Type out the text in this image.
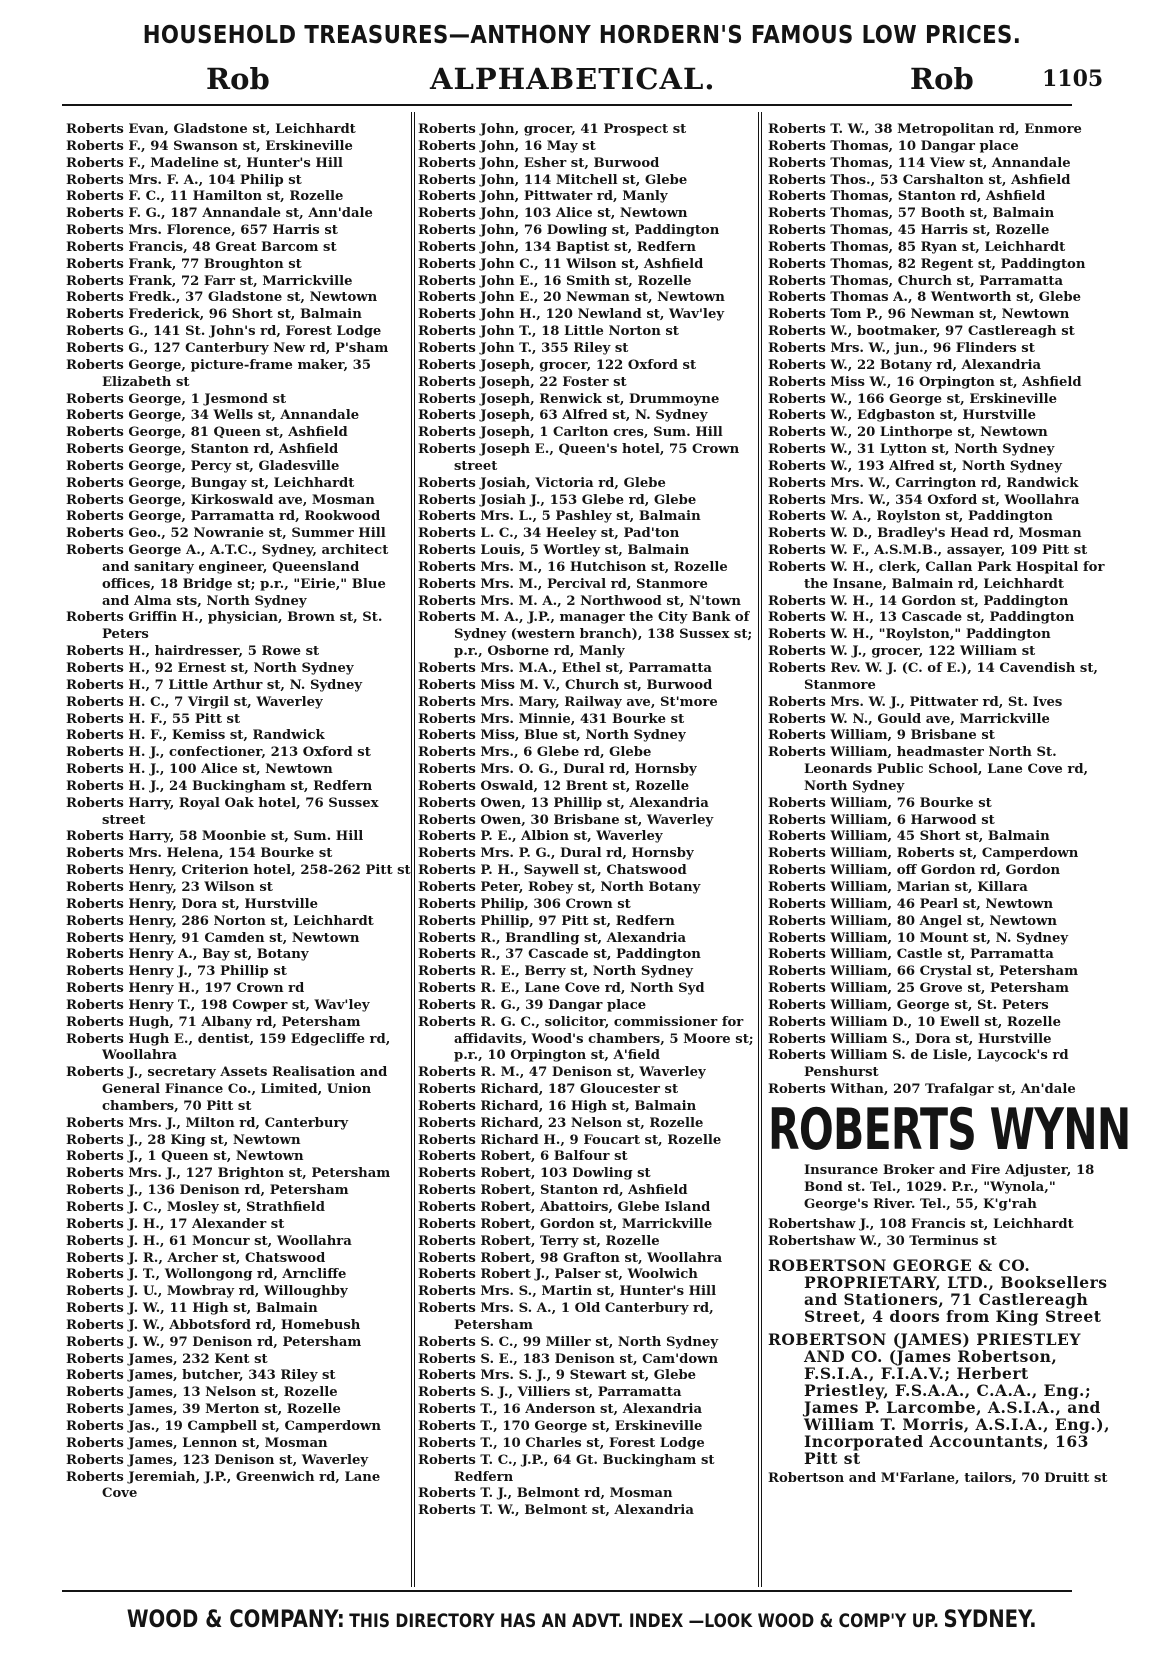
HOUSEHOLD TREASURES—ANTHONY HORDERN'S FAMOUS LOW PRICES.
Rob	ALPHABETICAL.	Rob	1105
Roberts Evan, Gladstone st, Leichhardt
Roberts F., 94 Swanson st, Erskineville
Roberts F., Madeline st, Hunter's Hill
Roberts Mrs. F. A., 104 Philip st
Roberts F. C., 11 Hamilton st, Rozelle
Roberts F. G., 187 Annandale st, Ann'dale
Roberts Mrs. Florence, 657 Harris st
Roberts Francis, 48 Great Barcom st
Roberts Frank, 77 Broughton st
Roberts Frank, 72 Farr st, Marrickville
Roberts Fredk., 37 Gladstone st, Newtown
Roberts Frederick, 96 Short st, Balmain
Roberts G., 141 St. John's rd, Forest Lodge
Roberts G., 127 Canterbury New rd, P'sham
Roberts George, picture-frame maker, 35 Elizabeth st
Roberts George, 1 Jesmond st
Roberts George, 34 Wells st, Annandale
Roberts George, 81 Queen st, Ashfield
Roberts George, Stanton rd, Ashfield
Roberts George, Percy st, Gladesville
Roberts George, Bungay st, Leichhardt
Roberts George, Kirkoswald ave, Mosman
Roberts George, Parramatta rd, Rookwood
Roberts Geo., 52 Nowranie st, Summer Hill
Roberts George A., A.T.C., Sydney, architect and sanitary engineer, Queensland offices, 18 Bridge st; p.r., "Eirie," Blue and Alma sts, North Sydney
Roberts Griffin H., physician, Brown st, St. Peters
Roberts H., hairdresser, 5 Rowe st
Roberts H., 92 Ernest st, North Sydney
Roberts H., 7 Little Arthur st, N. Sydney
Roberts H. C., 7 Virgil st, Waverley
Roberts H. F., 55 Pitt st
Roberts H. F., Kemiss st, Randwick
Roberts H. J., confectioner, 213 Oxford st
Roberts H. J., 100 Alice st, Newtown
Roberts H. J., 24 Buckingham st, Redfern
Roberts Harry, Royal Oak hotel, 76 Sussex street
Roberts Harry, 58 Moonbie st, Sum. Hill
Roberts Mrs. Helena, 154 Bourke st
Roberts Henry, Criterion hotel, 258-262 Pitt st
Roberts Henry, 23 Wilson st
Roberts Henry, Dora st, Hurstville
Roberts Henry, 286 Norton st, Leichhardt
Roberts Henry, 91 Camden st, Newtown
Roberts Henry A., Bay st, Botany
Roberts Henry J., 73 Phillip st
Roberts Henry H., 197 Crown rd
Roberts Henry T., 198 Cowper st, Wav'ley
Roberts Hugh, 71 Albany rd, Petersham
Roberts Hugh E., dentist, 159 Edgecliffe rd, Woollahra
Roberts J., secretary Assets Realisation and General Finance Co., Limited, Union chambers, 70 Pitt st
Roberts Mrs. J., Milton rd, Canterbury
Roberts J., 28 King st, Newtown
Roberts J., 1 Queen st, Newtown
Roberts Mrs. J., 127 Brighton st, Petersham
Roberts J., 136 Denison rd, Petersham
Roberts J. C., Mosley st, Strathfield
Roberts J. H., 17 Alexander st
Roberts J. H., 61 Moncur st, Woollahra
Roberts J. R., Archer st, Chatswood
Roberts J. T., Wollongong rd, Arncliffe
Roberts J. U., Mowbray rd, Willoughby
Roberts J. W., 11 High st, Balmain
Roberts J. W., Abbotsford rd, Homebush
Roberts J. W., 97 Denison rd, Petersham
Roberts James, 232 Kent st
Roberts James, butcher, 343 Riley st
Roberts James, 13 Nelson st, Rozelle
Roberts James, 39 Merton st, Rozelle
Roberts Jas., 19 Campbell st, Camperdown
Roberts James, Lennon st, Mosman
Roberts James, 123 Denison st, Waverley
Roberts Jeremiah, J.P., Greenwich rd, Lane Cove
Roberts John, grocer, 41 Prospect st
Roberts John, 16 May st
Roberts John, Esher st, Burwood
Roberts John, 114 Mitchell st, Glebe
Roberts John, Pittwater rd, Manly
Roberts John, 103 Alice st, Newtown
Roberts John, 76 Dowling st, Paddington
Roberts John, 134 Baptist st, Redfern
Roberts John C., 11 Wilson st, Ashfield
Roberts John E., 16 Smith st, Rozelle
Roberts John E., 20 Newman st, Newtown
Roberts John H., 120 Newland st, Wav'ley
Roberts John T., 18 Little Norton st
Roberts John T., 355 Riley st
Roberts Joseph, grocer, 122 Oxford st
Roberts Joseph, 22 Foster st
Roberts Joseph, Renwick st, Drummoyne
Roberts Joseph, 63 Alfred st, N. Sydney
Roberts Joseph, 1 Carlton cres, Sum. Hill
Roberts Joseph E., Queen's hotel, 75 Crown street
Roberts Josiah, Victoria rd, Glebe
Roberts Josiah J., 153 Glebe rd, Glebe
Roberts Mrs. L., 5 Pashley st, Balmain
Roberts L. C., 34 Heeley st, Pad'ton
Roberts Louis, 5 Wortley st, Balmain
Roberts Mrs. M., 16 Hutchison st, Rozelle
Roberts Mrs. M., Percival rd, Stanmore
Roberts Mrs. M. A., 2 Northwood st, N'town
Roberts M. A., J.P., manager the City Bank of Sydney (western branch), 138 Sussex st; p.r., Osborne rd, Manly
Roberts Mrs. M.A., Ethel st, Parramatta
Roberts Miss M. V., Church st, Burwood
Roberts Mrs. Mary, Railway ave, St'more
Roberts Mrs. Minnie, 431 Bourke st
Roberts Miss, Blue st, North Sydney
Roberts Mrs., 6 Glebe rd, Glebe
Roberts Mrs. O. G., Dural rd, Hornsby
Roberts Oswald, 12 Brent st, Rozelle
Roberts Owen, 13 Phillip st, Alexandria
Roberts Owen, 30 Brisbane st, Waverley
Roberts P. E., Albion st, Waverley
Roberts Mrs. P. G., Dural rd, Hornsby
Roberts P. H., Saywell st, Chatswood
Roberts Peter, Robey st, North Botany
Roberts Philip, 306 Crown st
Roberts Phillip, 97 Pitt st, Redfern
Roberts R., Brandling st, Alexandria
Roberts R., 37 Cascade st, Paddington
Roberts R. E., Berry st, North Sydney
Roberts R. E., Lane Cove rd, North Syd
Roberts R. G., 39 Dangar place
Roberts R. G. C., solicitor, commissioner for affidavits, Wood's chambers, 5 Moore st; p.r., 10 Orpington st, A'field
Roberts R. M., 47 Denison st, Waverley
Roberts Richard, 187 Gloucester st
Roberts Richard, 16 High st, Balmain
Roberts Richard, 23 Nelson st, Rozelle
Roberts Richard H., 9 Foucart st, Rozelle
Roberts Robert, 6 Balfour st
Roberts Robert, 103 Dowling st
Roberts Robert, Stanton rd, Ashfield
Roberts Robert, Abattoirs, Glebe Island
Roberts Robert, Gordon st, Marrickville
Roberts Robert, Terry st, Rozelle
Roberts Robert, 98 Grafton st, Woollahra
Roberts Robert J., Palser st, Woolwich
Roberts Mrs. S., Martin st, Hunter's Hill
Roberts Mrs. S. A., 1 Old Canterbury rd, Petersham
Roberts S. C., 99 Miller st, North Sydney
Roberts S. E., 183 Denison st, Cam'down
Roberts Mrs. S. J., 9 Stewart st, Glebe
Roberts S. J., Villiers st, Parramatta
Roberts T., 16 Anderson st, Alexandria
Roberts T., 170 George st, Erskineville
Roberts T., 10 Charles st, Forest Lodge
Roberts T. C., J.P., 64 Gt. Buckingham st Redfern
Roberts T. J., Belmont rd, Mosman
Roberts T. W., Belmont st, Alexandria
Roberts T. W., 38 Metropolitan rd, Enmore
Roberts Thomas, 10 Dangar place
Roberts Thomas, 114 View st, Annandale
Roberts Thos., 53 Carshalton st, Ashfield
Roberts Thomas, Stanton rd, Ashfield
Roberts Thomas, 57 Booth st, Balmain
Roberts Thomas, 45 Harris st, Rozelle
Roberts Thomas, 85 Ryan st, Leichhardt
Roberts Thomas, 82 Regent st, Paddington
Roberts Thomas, Church st, Parramatta
Roberts Thomas A., 8 Wentworth st, Glebe
Roberts Tom P., 96 Newman st, Newtown
Roberts W., bootmaker, 97 Castlereagh st
Roberts Mrs. W., jun., 96 Flinders st
Roberts W., 22 Botany rd, Alexandria
Roberts Miss W., 16 Orpington st, Ashfield
Roberts W., 166 George st, Erskineville
Roberts W., Edgbaston st, Hurstville
Roberts W., 20 Linthorpe st, Newtown
Roberts W., 31 Lytton st, North Sydney
Roberts W., 193 Alfred st, North Sydney
Roberts Mrs. W., Carrington rd, Randwick
Roberts Mrs. W., 354 Oxford st, Woollahra
Roberts W. A., Roylston st, Paddington
Roberts W. D., Bradley's Head rd, Mosman
Roberts W. F., A.S.M.B., assayer, 109 Pitt st
Roberts W. H., clerk, Callan Park Hospital for the Insane, Balmain rd, Leichhardt
Roberts W. H., 14 Gordon st, Paddington
Roberts W. H., 13 Cascade st, Paddington
Roberts W. H., "Roylston," Paddington
Roberts W. J., grocer, 122 William st
Roberts Rev. W. J. (C. of E.), 14 Cavendish st, Stanmore
Roberts Mrs. W. J., Pittwater rd, St. Ives
Roberts W. N., Gould ave, Marrickville
Roberts William, 9 Brisbane st
Roberts William, headmaster North St. Leonards Public School, Lane Cove rd, North Sydney
Roberts William, 76 Bourke st
Roberts William, 6 Harwood st
Roberts William, 45 Short st, Balmain
Roberts William, Roberts st, Camperdown
Roberts William, off Gordon rd, Gordon
Roberts William, Marian st, Killara
Roberts William, 46 Pearl st, Newtown
Roberts William, 80 Angel st, Newtown
Roberts William, 10 Mount st, N. Sydney
Roberts William, Castle st, Parramatta
Roberts William, 66 Crystal st, Petersham
Roberts William, 25 Grove st, Petersham
Roberts William, George st, St. Peters
Roberts William D., 10 Ewell st, Rozelle
Roberts William S., Dora st, Hurstville
Roberts William S. de Lisle, Laycock's rd Penshurst
Roberts Withan, 207 Trafalgar st, An'dale
ROBERTS WYNN
Insurance Broker and Fire Adjuster, 18 Bond st. Tel., 1029. P.r., "Wynola," George's River. Tel., 55, K'g'rah
Robertshaw J., 108 Francis st, Leichhardt
Robertshaw W., 30 Terminus st
ROBERTSON GEORGE & CO. PROPRIETARY, LTD., Booksellers and Stationers, 71 Castlereagh Street, 4 doors from King Street
ROBERTSON (JAMES) PRIESTLEY AND CO. (James Robertson, F.S.I.A., F.I.A.V.; Herbert Priestley, F.S.A.A., C.A.A., Eng.; James P. Larcombe, A.S.I.A., and William T. Morris, A.S.I.A., Eng.), Incorporated Accountants, 163 Pitt st
Robertson and M'Farlane, tailors, 70 Druitt st
WOOD & COMPANY: THIS DIRECTORY HAS AN ADVT. INDEX —LOOK WOOD & COMP'Y UP. SYDNEY.
